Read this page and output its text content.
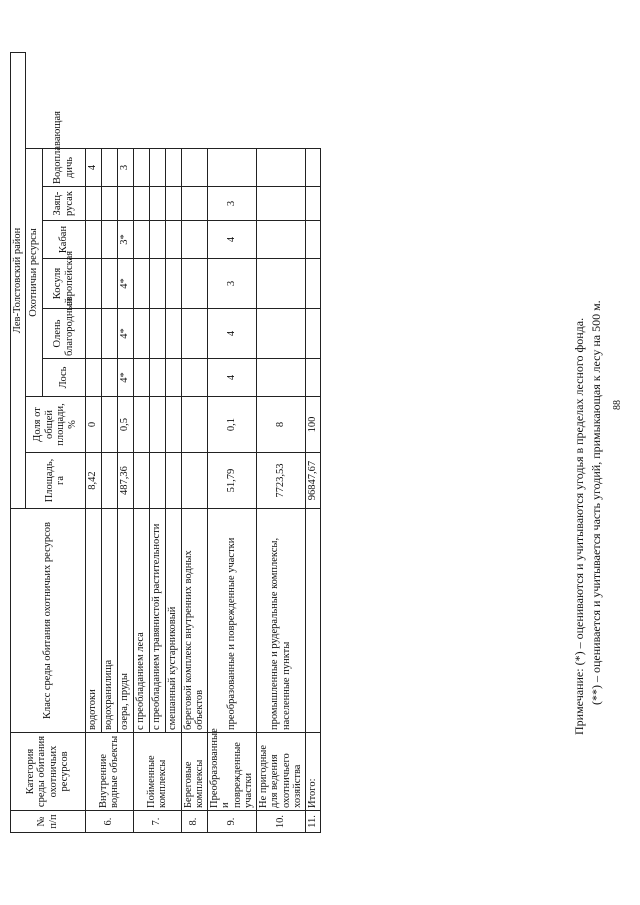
№ п/п	Категория среды обитания охотничьих ресурсов	Класс среды обитания охотничьих ресурсов	Лев-Толстовский район							
			Площадь, га	Доля от общей площади, %	Охотничьи ресурсы					
					Лось	Олень благородный	Косуля европейская	Кабан	Заяц-русак	Водоплавающая дичь
6.	Внутренние водные объекты	водотоки	8,42	0						4
		водохранилища								
		озера, пруды	487,36	0,5	4*	4*	4*	3*		3
7.	Пойменные комплексы	с преобладанием леса								
		с преобладанием травянистой растительности								
		смешанный кустарниковый								
8.	Береговые комплексы	береговой комплекс внутренних водных объектов								
9.	Преобразованные и поврежденные участки	преобразованные и поврежденные участки	51,79	0,1	4	4	3	4	3	
10.	Не пригодные для ведения охотничьего хозяйства	промышленные и рудеральные комплексы, населенные пункты	7723,53	8						
11.	Итого:		96847,67	100							Примечание: (*) – оцениваются и учитываются угодья в пределах лесного фонда. (**) – оценивается и учитывается часть угодий, примыкающая к лесу на 500 м. 88
